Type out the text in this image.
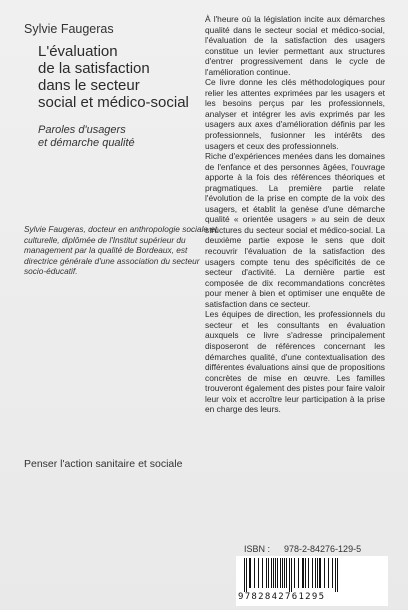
Sylvie Faugeras
L'évaluation
de la satisfaction
dans le secteur
social et médico-social
Paroles d'usagers
et démarche qualité
Sylvie Faugeras, docteur en anthropologie sociale et culturelle, diplômée de l'Institut supérieur du management par la qualité de Bordeaux, est directrice générale d'une association du secteur socio-éducatif.
Penser l'action sanitaire et sociale

À l'heure où la législation incite aux démarches qualité dans le secteur social et médico-social, l'évaluation de la satisfaction des usagers constitue un levier permettant aux structures d'entrer progressivement dans le cycle de l'amélioration continue.

Ce livre donne les clés méthodologiques pour relier les attentes exprimées par les usagers et les besoins perçus par les professionnels, analyser et intégrer les avis exprimés par les usagers aux axes d'amélioration définis par les professionnels, fusionner les intérêts des usagers et ceux des professionnels.

Riche d'expériences menées dans les domaines de l'enfance et des personnes âgées, l'ouvrage apporte à la fois des références théoriques et pragmatiques. La première partie relate l'évolution de la prise en compte de la voix des usagers, et établit la genèse d'une démarche qualité « orientée usagers » au sein de deux structures du secteur social et médico-social. La deuxième partie expose le sens que doit recouvrir l'évaluation de la satisfaction des usagers compte tenu des spécificités de ce secteur d'activité. La dernière partie est composée de dix recommandations concrètes pour mener à bien et optimiser une enquête de satisfaction dans ce secteur.

Les équipes de direction, les professionnels du secteur et les consultants en évaluation auxquels ce livre s'adresse principalement disposeront de références concernant les démarches qualité, d'une contextualisation des différentes évaluations ainsi que de propositions concrètes de mise en œuvre. Les familles trouveront également des pistes pour faire valoir leur voix et accroître leur participation à la prise en charge des leurs.

ISBN : 978-2-84276-129-5
9782842761295
